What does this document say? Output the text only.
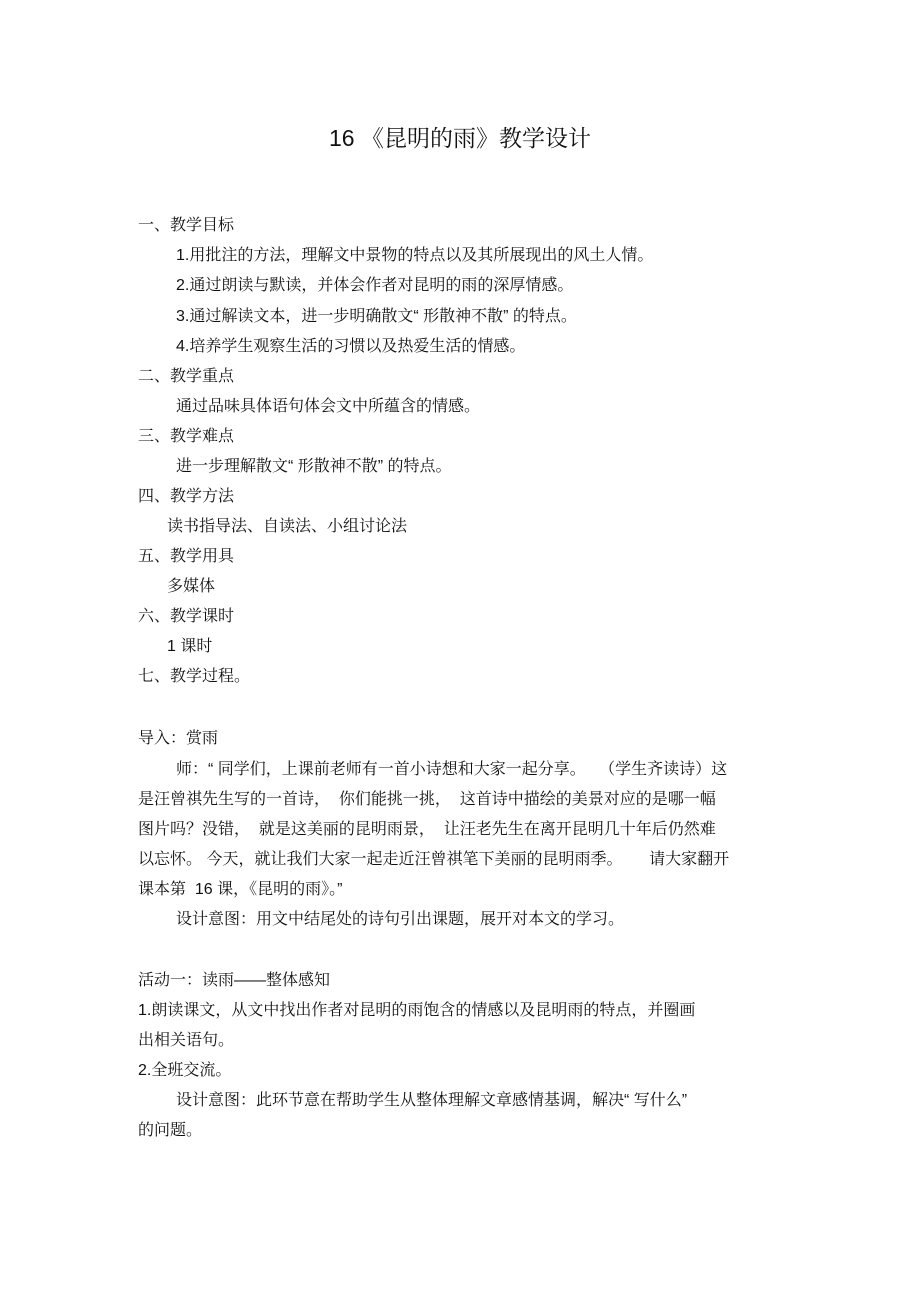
16 《昆明的雨》教学设计
一、教学目标
1.用批注的方法，理解文中景物的特点以及其所展现出的风土人情。
2.通过朗读与默读，并体会作者对昆明的雨的深厚情感。
3.通过解读文本，进一步明确散文“ 形散神不散” 的特点。
4.培养学生观察生活的习惯以及热爱生活的情感。
二、教学重点
通过品味具体语句体会文中所蕴含的情感。
三、教学难点
进一步理解散文“ 形散神不散” 的特点。
四、教学方法
读书指导法、自读法、小组讨论法
五、教学用具
多媒体
六、教学课时
1 课时
七、教学过程。
导入：赏雨
师：“ 同学们，上课前老师有一首小诗想和大家一起分享。   （学生齐读诗）这
是汪曾祺先生写的一首诗，  你们能挑一挑，  这首诗中描绘的美景对应的是哪一幅
图片吗？没错，  就是这美丽的昆明雨景，  让汪老先生在离开昆明几十年后仍然难
以忘怀。 今天，就让我们大家一起走近汪曾祺笔下美丽的昆明雨季。      请大家翻开
课本第  16 课，《昆明的雨》。”
设计意图：用文中结尾处的诗句引出课题，展开对本文的学习。
活动一：读雨——整体感知
1.朗读课文，从文中找出作者对昆明的雨饱含的情感以及昆明雨的特点，并圈画
出相关语句。
2.全班交流。
设计意图：此环节意在帮助学生从整体理解文章感情基调，解决“ 写什么”
的问题。
